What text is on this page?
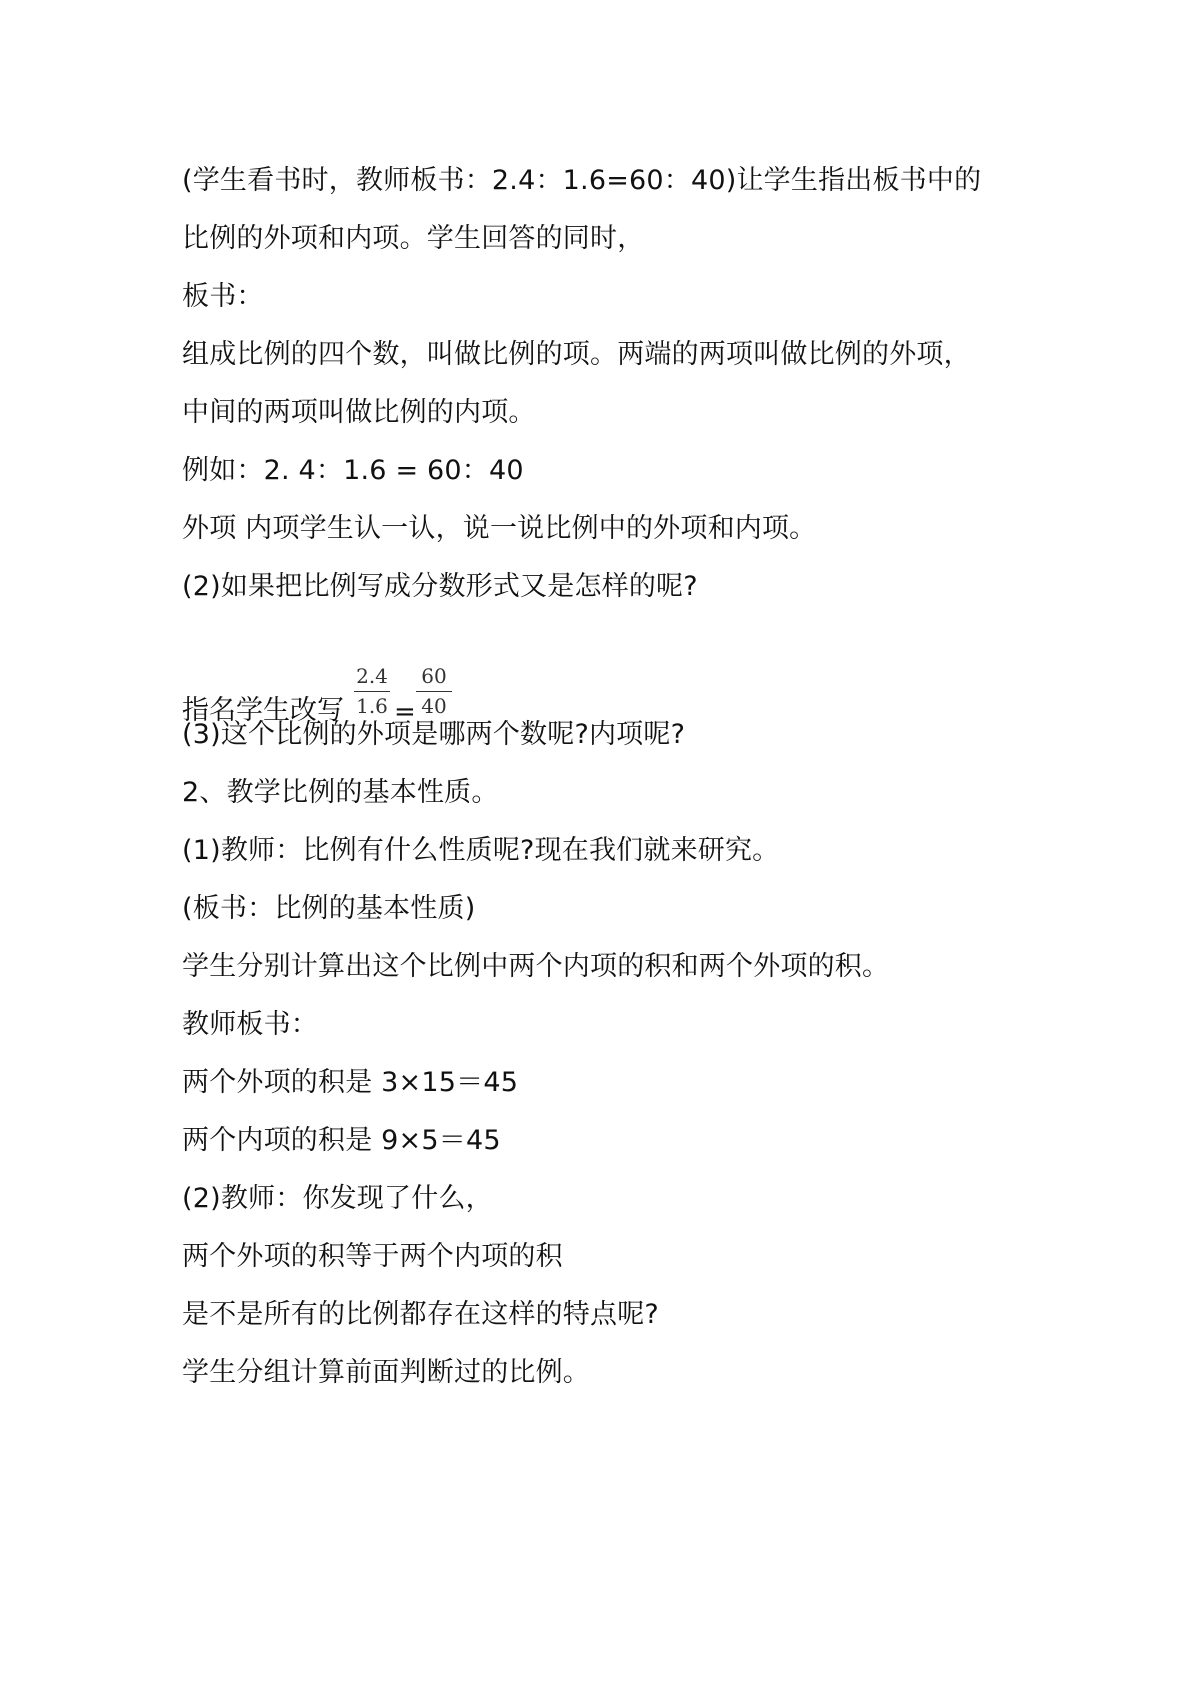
(学生看书时，教师板书：2.4：1.6=60：40)让学生指出板书中的
比例的外项和内项。学生回答的同时，
板书：
组成比例的四个数，叫做比例的项。两端的两项叫做比例的外项，
中间的两项叫做比例的内项。
例如：2. 4：1.6 = 60：40
外项 内项学生认一认，说一说比例中的外项和内项。
(2)如果把比例写成分数形式又是怎样的呢?
指名学生改写
2.4
1.6 =
60
40
(3)这个比例的外项是哪两个数呢?内项呢?
2、教学比例的基本性质。
(1)教师：比例有什么性质呢?现在我们就来研究。
(板书：比例的基本性质)
学生分别计算出这个比例中两个内项的积和两个外项的积。
教师板书：
两个外项的积是 3×15＝45
两个内项的积是 9×5＝45
(2)教师：你发现了什么，
两个外项的积等于两个内项的积
是不是所有的比例都存在这样的特点呢?
学生分组计算前面判断过的比例。
